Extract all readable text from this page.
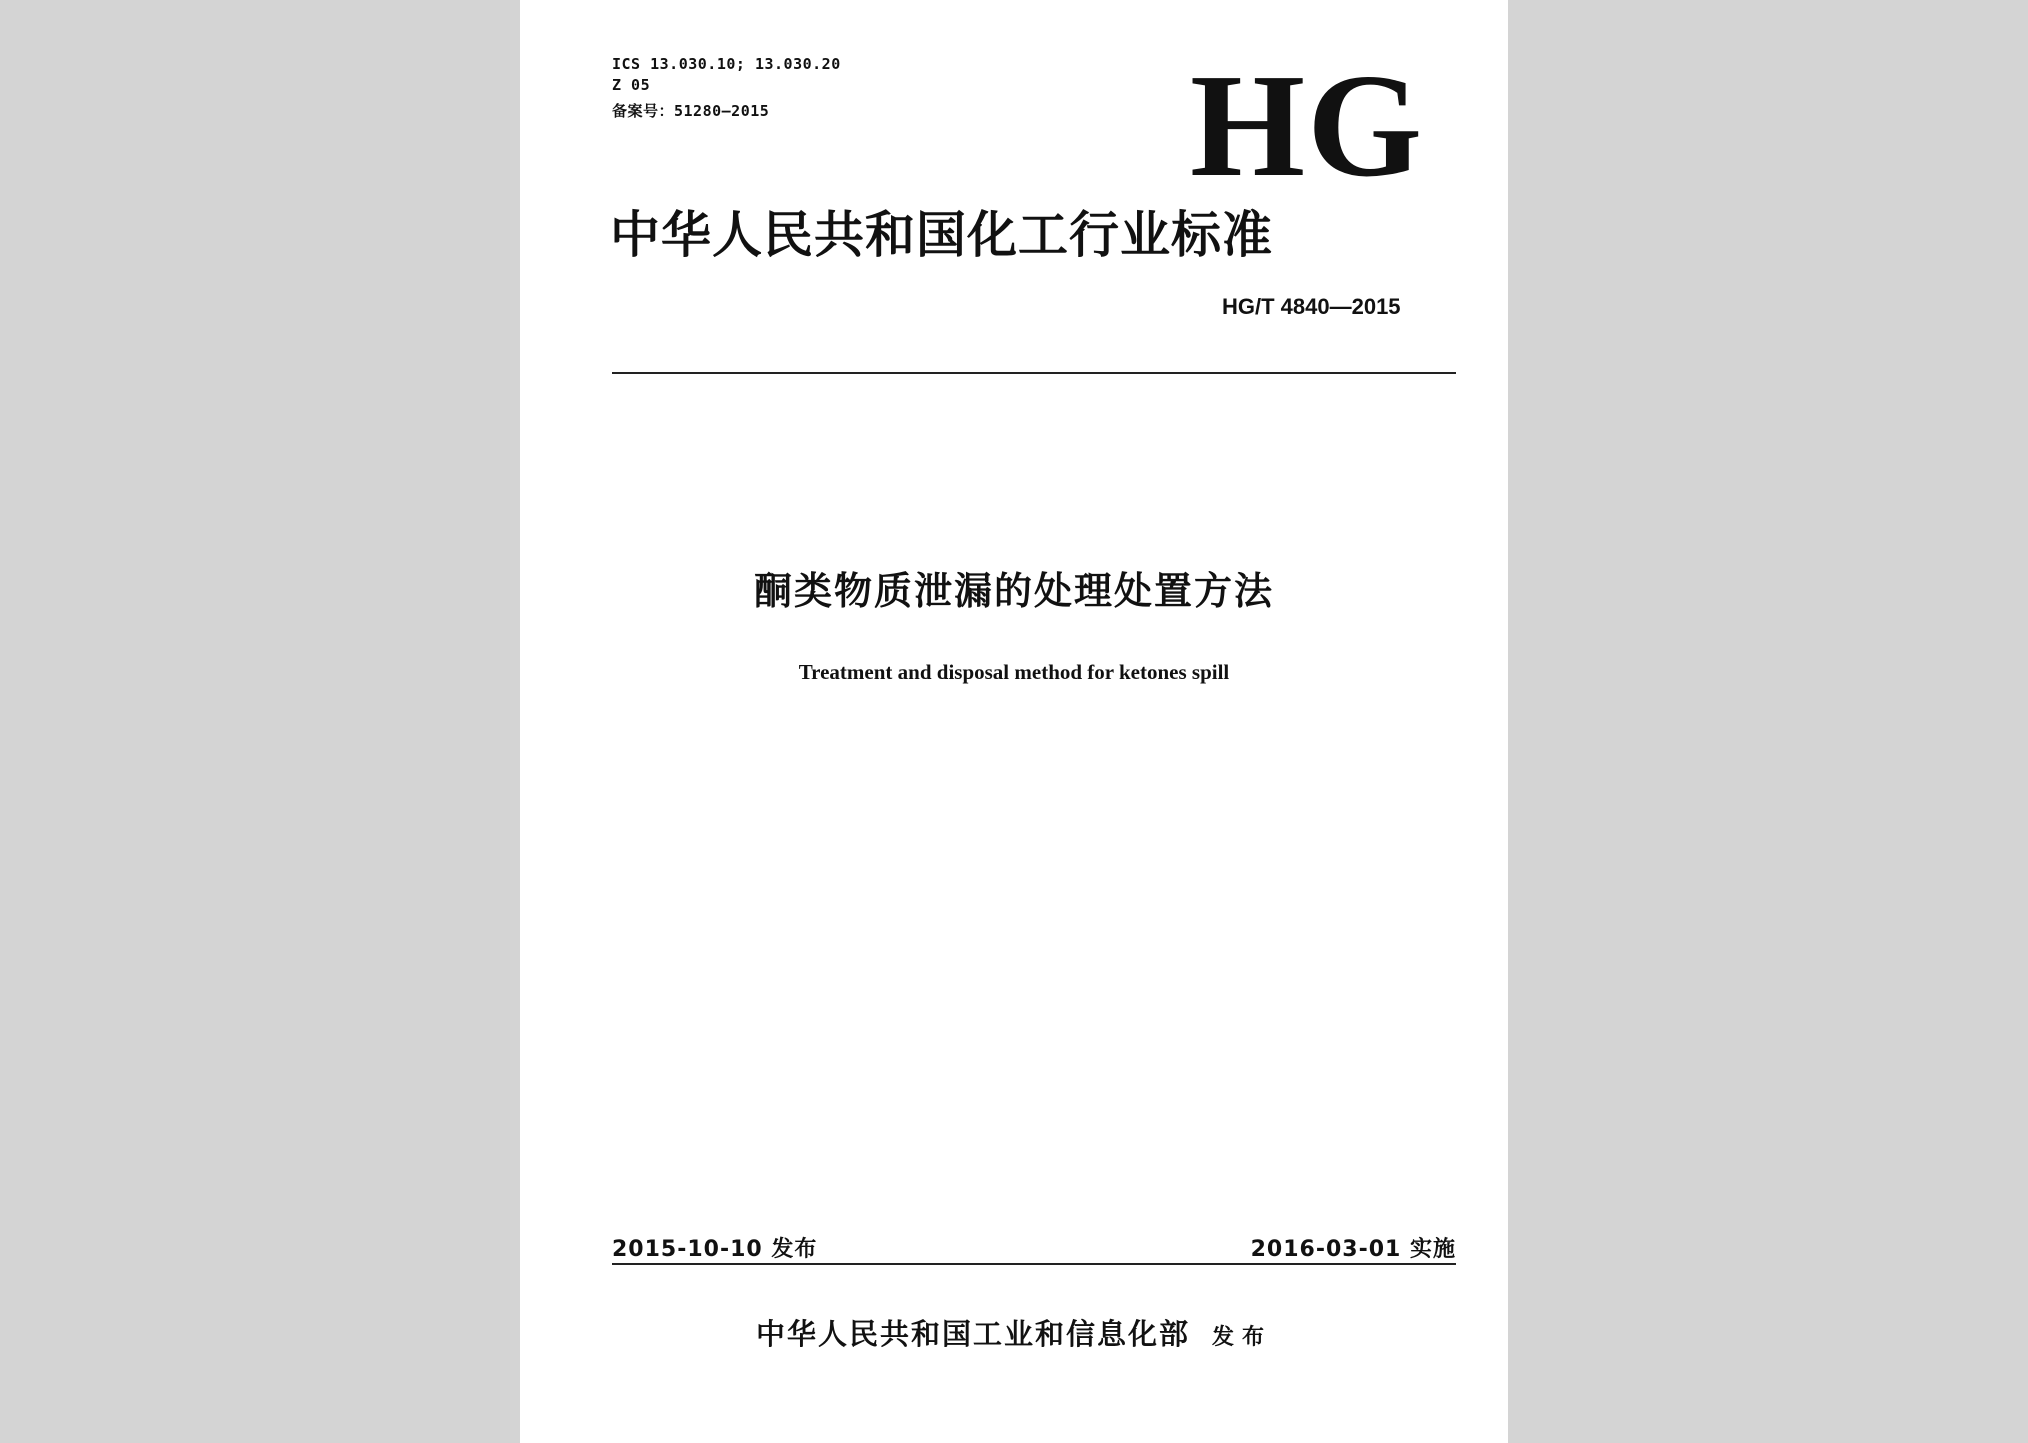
ICS 13.030.10; 13.030.20
Z 05
备案号：51280—2015	HG
中华人民共和国化工行业标准
HG/T 4840—2015
酮类物质泄漏的处理处置方法
Treatment and disposal method for ketones spill
2015-10-10 发布	2016-03-01 实施
中华人民共和国工业和信息化部 发布
